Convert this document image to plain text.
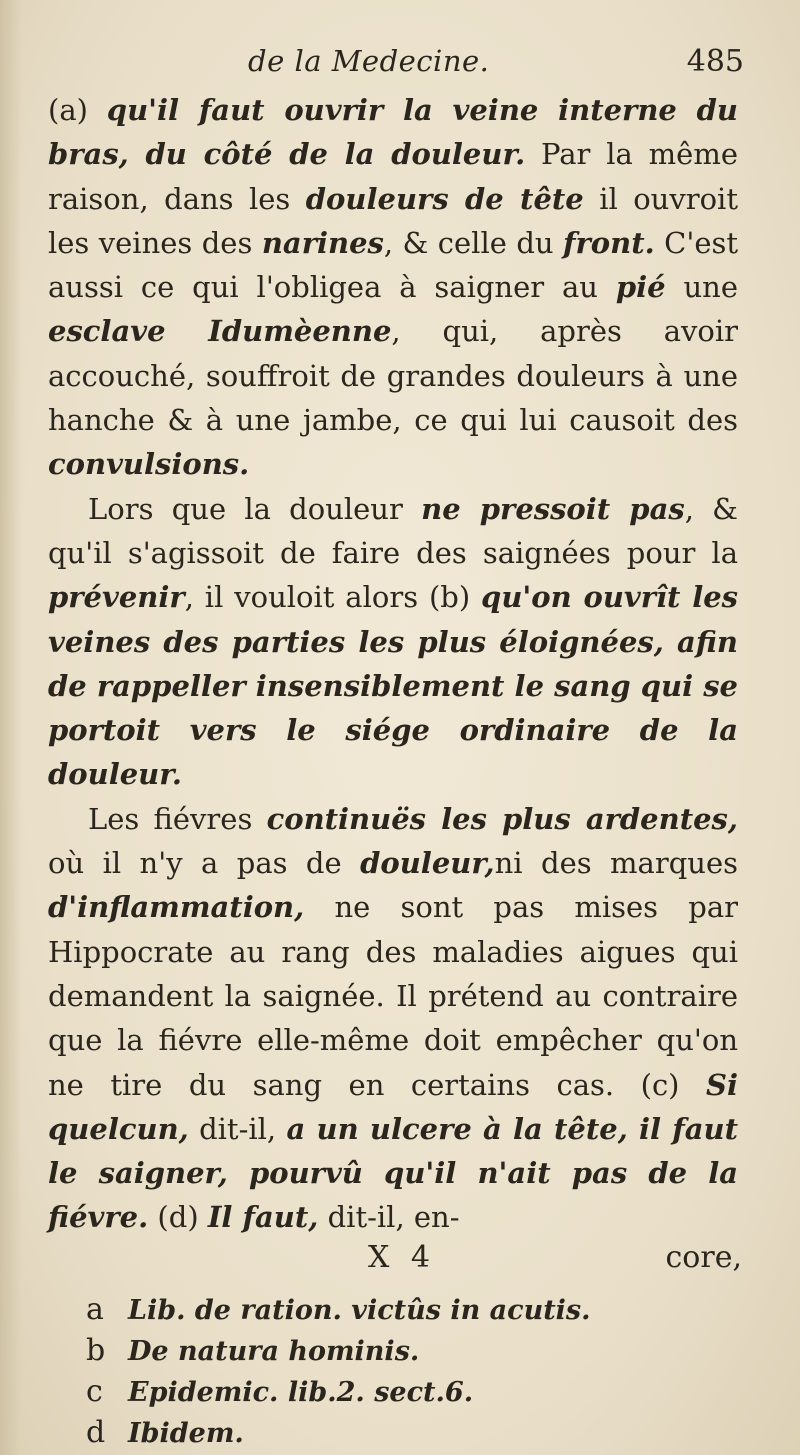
de la Medecine.	485

(a) qu'il faut ouvrir la veine interne du bras, du côté de la douleur. Par la même raison, dans les douleurs de tête il ouvroit les veines des narines, & celle du front. C'est aussi ce qui l'obligea à saigner au pié une esclave Idumèenne, qui, après avoir accouché, souffroit de grandes douleurs à une hanche & à une jambe, ce qui lui causoit des convulsions.

Lors que la douleur ne pressoit pas, & qu'il s'agissoit de faire des saignées pour la prévenir, il vouloit alors (b) qu'on ouvrît les veines des parties les plus éloignées, afin de rappeller insensiblement le sang qui se portoit vers le siége ordinaire de la douleur.

Les fiévres continuës les plus ardentes, où il n'y a pas de douleur,ni des marques d'inflammation, ne sont pas mises par Hippocrate au rang des maladies aigues qui demandent la saignée. Il prétend au contraire que la fiévre elle-même doit empêcher qu'on ne tire du sang en certains cas. (c) Si quelcun, dit-il, a un ulcere à la tête, il faut le saigner, pourvû qu'il n'ait pas de la fiévre. (d) Il faut, dit-il, en-

X 4	core,
a Lib. de ration. victûs in acutis.
b De natura hominis.
c Epidemic. lib.2. sect.6.
d Ibidem.
